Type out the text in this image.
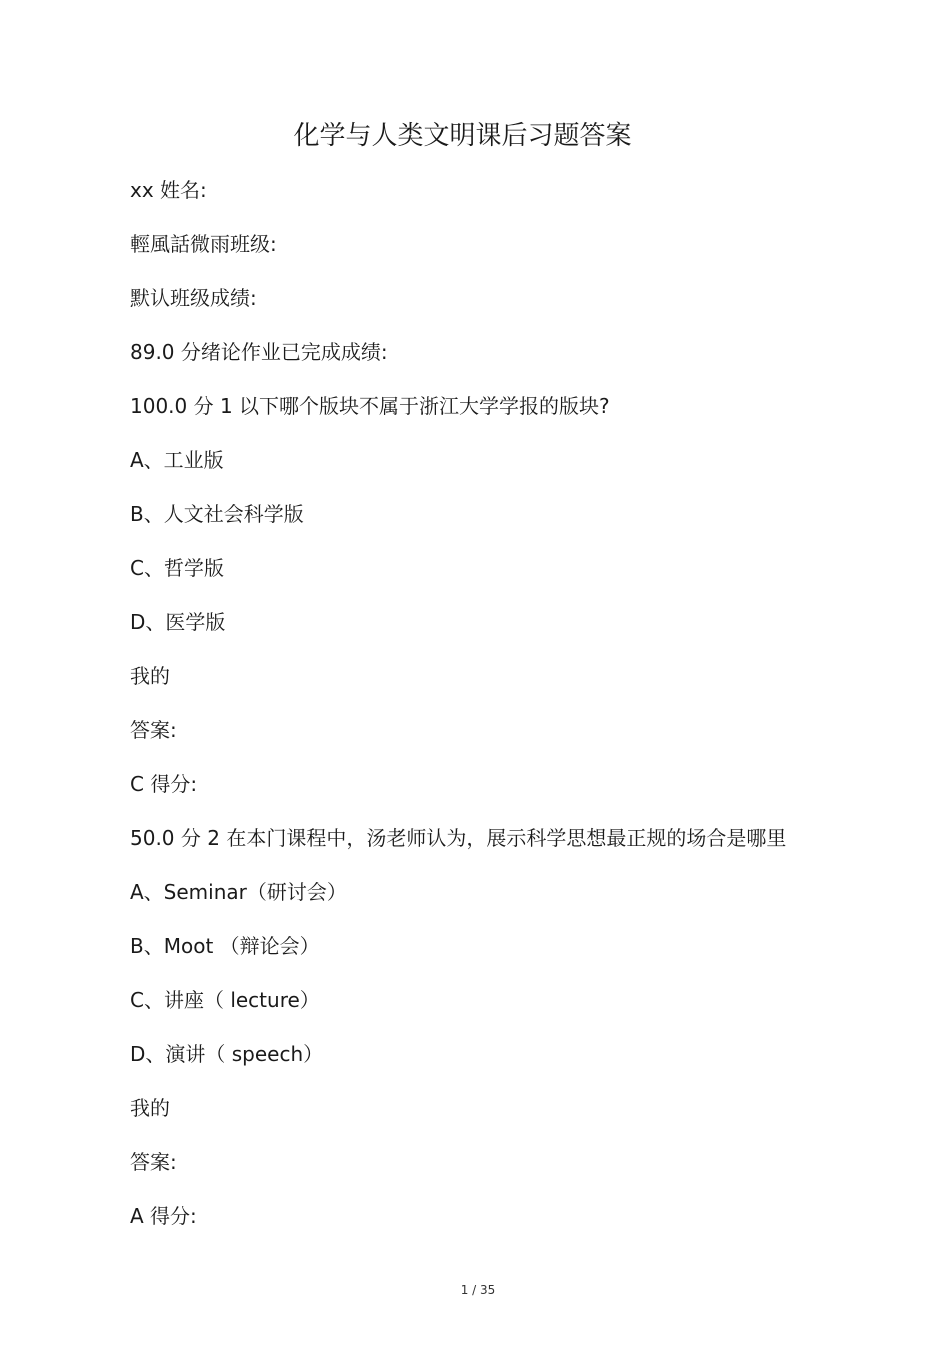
化学与人类文明课后习题答案
xx 姓名:
輕風話微雨班级:
默认班级成绩:
89.0 分绪论作业已完成成绩:
100.0 分 1 以下哪个版块不属于浙江大学学报的版块?
A、工业版
B、人文社会科学版
C、哲学版
D、医学版
我的
答案:
C 得分:
50.0 分 2 在本门课程中，汤老师认为，展示科学思想最正规的场合是哪里
A、Seminar（研讨会）
B、Moot （辩论会）
C、讲座（ lecture）
D、演讲（ speech）
我的
答案:
A 得分:
1 / 35
